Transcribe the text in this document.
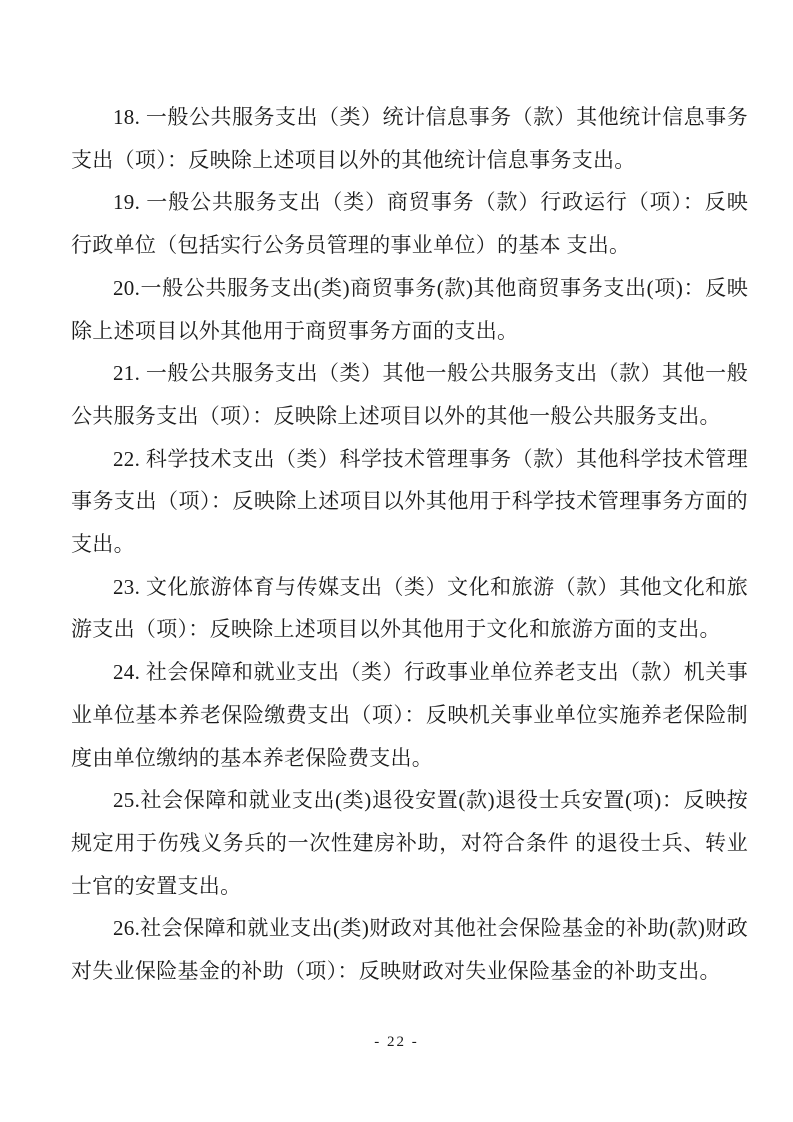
18. 一般公共服务支出（类）统计信息事务（款）其他统计信息事务支出（项）：反映除上述项目以外的其他统计信息事务支出。

19. 一般公共服务支出（类）商贸事务（款）行政运行（项）：反映行政单位（包括实行公务员管理的事业单位）的基本 支出。

20.一般公共服务支出(类)商贸事务(款)其他商贸事务支出(项)：反映除上述项目以外其他用于商贸事务方面的支出。

21. 一般公共服务支出（类）其他一般公共服务支出（款）其他一般公共服务支出（项）：反映除上述项目以外的其他一般公共服务支出。

22. 科学技术支出（类）科学技术管理事务（款）其他科学技术管理事务支出（项）：反映除上述项目以外其他用于科学技术管理事务方面的支出。

23. 文化旅游体育与传媒支出（类）文化和旅游（款）其他文化和旅游支出（项）：反映除上述项目以外其他用于文化和旅游方面的支出。

24. 社会保障和就业支出（类）行政事业单位养老支出（款）机关事业单位基本养老保险缴费支出（项）：反映机关事业单位实施养老保险制度由单位缴纳的基本养老保险费支出。

25.社会保障和就业支出(类)退役安置(款)退役士兵安置(项)：反映按规定用于伤残义务兵的一次性建房补助，对符合条件 的退役士兵、转业士官的安置支出。

26.社会保障和就业支出(类)财政对其他社会保险基金的补助(款)财政对失业保险基金的补助（项）：反映财政对失业保险基金的补助支出。

- 22 -
